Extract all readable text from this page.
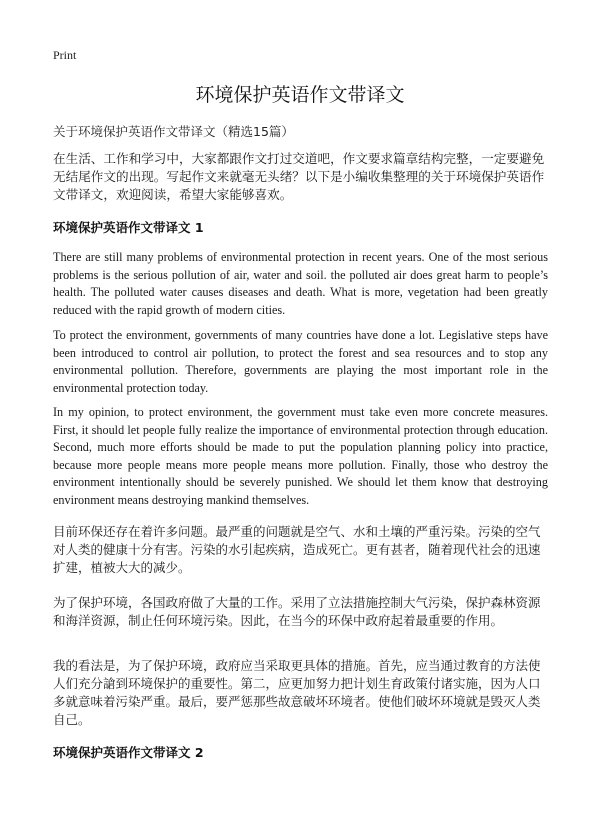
Print
环境保护英语作文带译文

关于环境保护英语作文带译文（精选15篇）

在生活、工作和学习中，大家都跟作文打过交道吧，作文要求篇章结构完整，一定要避免无结尾作文的出现。写起作文来就毫无头绪？以下是小编收集整理的关于环境保护英语作文带译文，欢迎阅读，希望大家能够喜欢。

环境保护英语作文带译文 1

There are still many problems of environmental protection in recent years. One of the most serious problems is the serious pollution of air, water and soil. the polluted air does great harm to people’s health. The polluted water causes diseases and death. What is more, vegetation had been greatly reduced with the rapid growth of modern cities.

To protect the environment, governments of many countries have done a lot. Legislative steps have been introduced to control air pollution, to protect the forest and sea resources and to stop any environmental pollution. Therefore, governments are playing the most important role in the environmental protection today.

In my opinion, to protect environment, the government must take even more concrete measures. First, it should let people fully realize the importance of environmental protection through education. Second, much more efforts should be made to put the population planning policy into practice, because more people means more people means more pollution. Finally, those who destroy the environment intentionally should be severely punished. We should let them know that destroying environment means destroying mankind themselves.

目前环保还存在着许多问题。最严重的问题就是空气、水和土壤的严重污染。污染的空气对人类的健康十分有害。污染的水引起疾病，造成死亡。更有甚者，随着现代社会的迅速扩建，植被大大的减少。

为了保护环境，各国政府做了大量的工作。采用了立法措施控制大气污染，保护森林资源和海洋资源，制止任何环境污染。因此，在当今的环保中政府起着最重要的作用。

我的看法是，为了保护环境，政府应当采取更具体的措施。首先，应当通过教育的方法使人们充分謒到环境保护的重要性。第二，应更加努力把计划生育政策付诸实施，因为人口多就意味着污染严重。最后，要严惩那些故意破坏环境者。使他们破坏环境就是毁灭人类自己。

环境保护英语作文带译文 2
